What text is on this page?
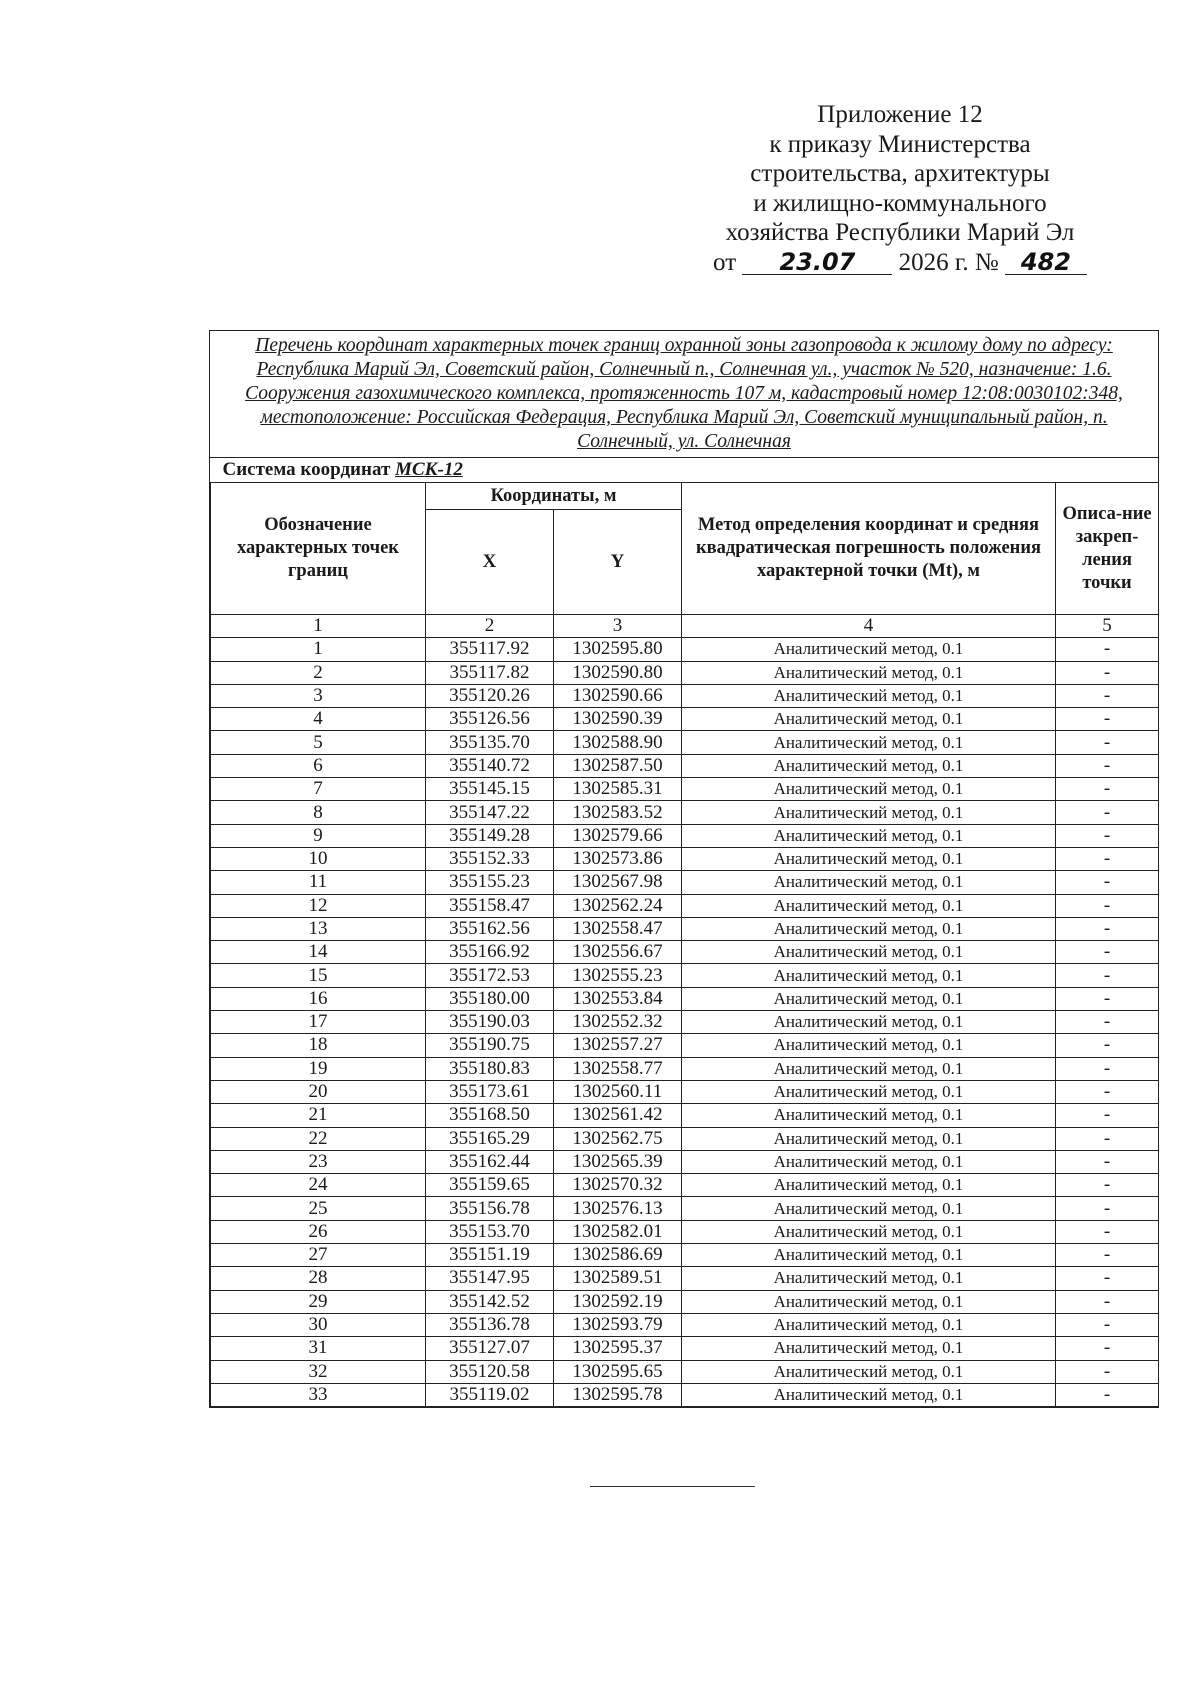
Приложение 12
к приказу Министерства
строительства, архитектуры
и жилищно-коммунального
хозяйства Республики Марий Эл
от 23.07 2026 г. № 482
Перечень координат характерных точек границ охранной зоны газопровода к жилому дому по адресу: Республика Марий Эл, Советский район, Солнечный п., Солнечная ул., участок № 520, назначение: 1.6. Сооружения газохимического комплекса, протяженность 107 м, кадастровый номер 12:08:0030102:348, местоположение: Российская Федерация, Республика Марий Эл, Советский муниципальный район, п. Солнечный, ул. Солнечная
Система координат МСК-12				
Обозначение характерных точек границ	Координаты, м		Метод определения координат и средняя квадратическая погрешность положения характерной точки (Mt), м	Описа-ние закреп-ления точки
	X	Y		
1	2	3	4	5
1	355117.92	1302595.80	Аналитический метод, 0.1	-
2	355117.82	1302590.80	Аналитический метод, 0.1	-
3	355120.26	1302590.66	Аналитический метод, 0.1	-
4	355126.56	1302590.39	Аналитический метод, 0.1	-
5	355135.70	1302588.90	Аналитический метод, 0.1	-
6	355140.72	1302587.50	Аналитический метод, 0.1	-
7	355145.15	1302585.31	Аналитический метод, 0.1	-
8	355147.22	1302583.52	Аналитический метод, 0.1	-
9	355149.28	1302579.66	Аналитический метод, 0.1	-
10	355152.33	1302573.86	Аналитический метод, 0.1	-
11	355155.23	1302567.98	Аналитический метод, 0.1	-
12	355158.47	1302562.24	Аналитический метод, 0.1	-
13	355162.56	1302558.47	Аналитический метод, 0.1	-
14	355166.92	1302556.67	Аналитический метод, 0.1	-
15	355172.53	1302555.23	Аналитический метод, 0.1	-
16	355180.00	1302553.84	Аналитический метод, 0.1	-
17	355190.03	1302552.32	Аналитический метод, 0.1	-
18	355190.75	1302557.27	Аналитический метод, 0.1	-
19	355180.83	1302558.77	Аналитический метод, 0.1	-
20	355173.61	1302560.11	Аналитический метод, 0.1	-
21	355168.50	1302561.42	Аналитический метод, 0.1	-
22	355165.29	1302562.75	Аналитический метод, 0.1	-
23	355162.44	1302565.39	Аналитический метод, 0.1	-
24	355159.65	1302570.32	Аналитический метод, 0.1	-
25	355156.78	1302576.13	Аналитический метод, 0.1	-
26	355153.70	1302582.01	Аналитический метод, 0.1	-
27	355151.19	1302586.69	Аналитический метод, 0.1	-
28	355147.95	1302589.51	Аналитический метод, 0.1	-
29	355142.52	1302592.19	Аналитический метод, 0.1	-
30	355136.78	1302593.79	Аналитический метод, 0.1	-
31	355127.07	1302595.37	Аналитический метод, 0.1	-
32	355120.58	1302595.65	Аналитический метод, 0.1	-
33	355119.02	1302595.78	Аналитический метод, 0.1	-
